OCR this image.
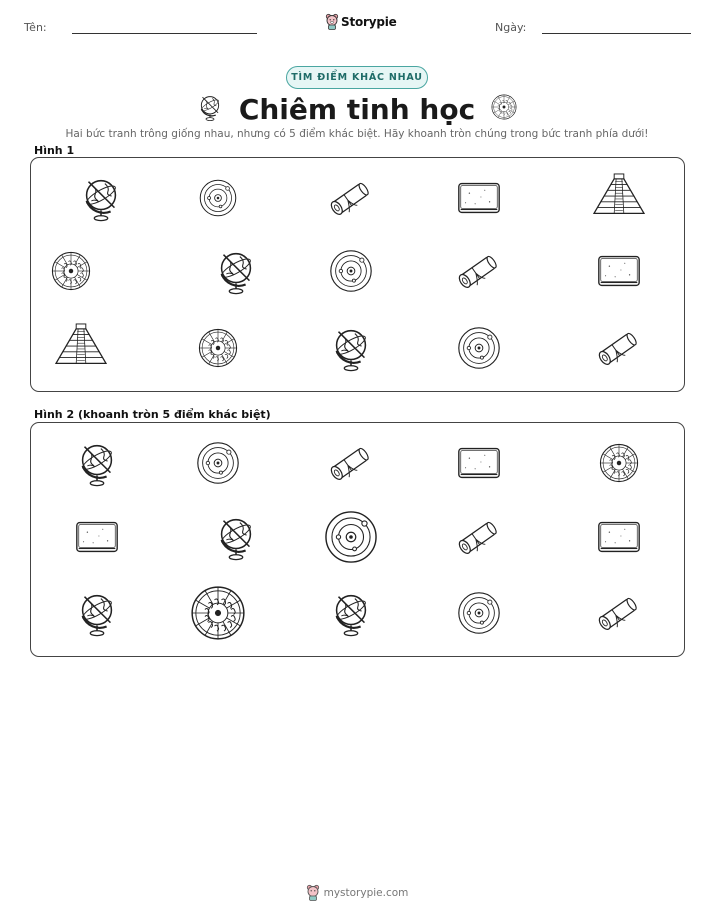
Tên:	Storypie	Ngày:
TÌM ĐIỂM KHÁC NHAU
Chiêm tinh học
Hai bức tranh trông giống nhau, nhưng có 5 điểm khác biệt. Hãy khoanh tròn chúng trong bức tranh phía dưới!
Hình 1
Hình 2 (khoanh tròn 5 điểm khác biệt)
mystorypie.com
